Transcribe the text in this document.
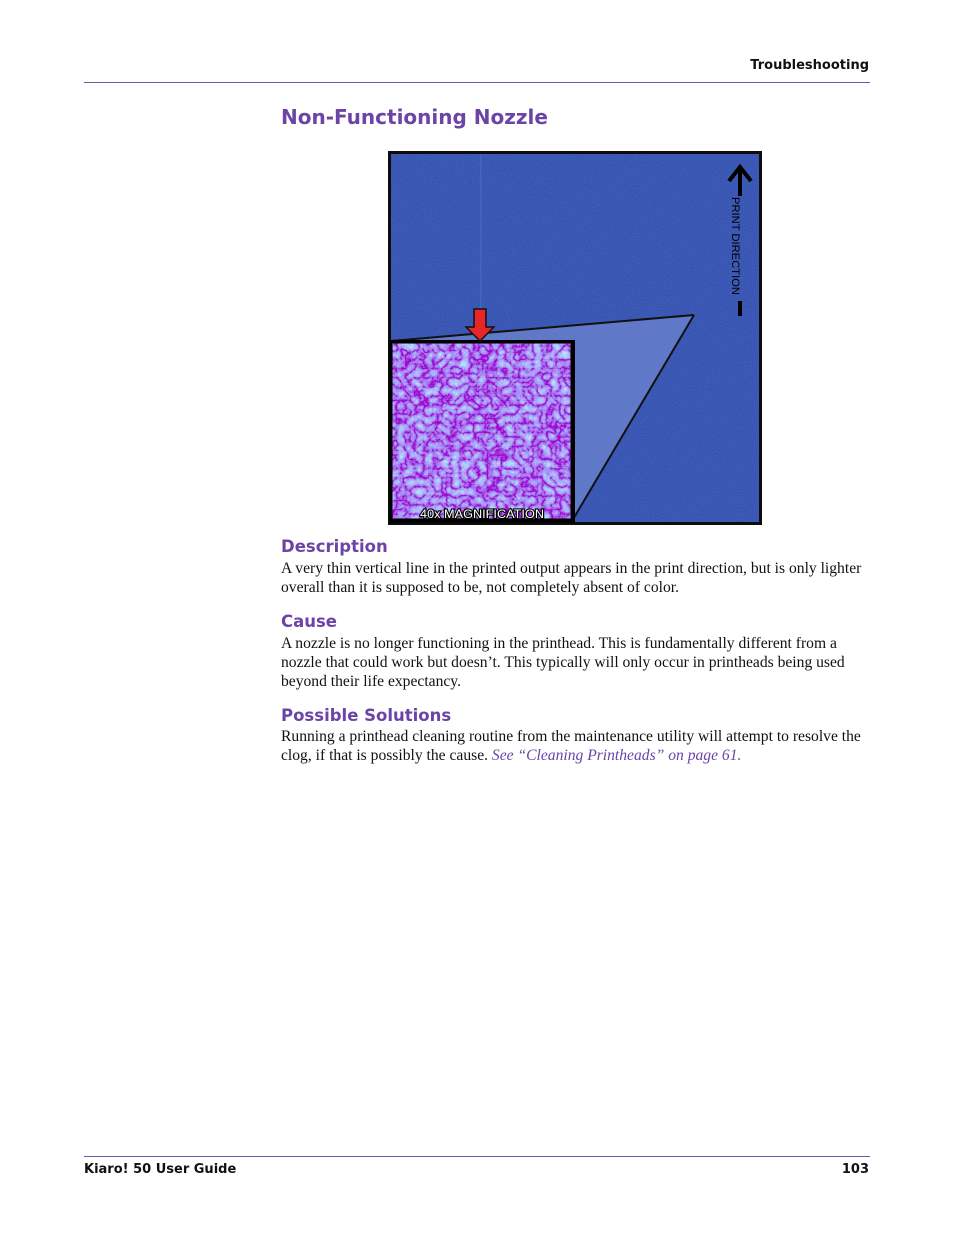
Troubleshooting
Non-Functioning Nozzle
PRINT DIRECTION
40x MAGNIFICATION
Description

A very thin vertical line in the printed output appears in the print direction, but is only lighter overall than it is supposed to be, not completely absent of color.

Cause

A nozzle is no longer functioning in the printhead. This is fundamentally different from a nozzle that could work but doesn’t. This typically will only occur in printheads being used beyond their life expectancy.

Possible Solutions

Running a printhead cleaning routine from the maintenance utility will attempt to resolve the clog, if that is possibly the cause. See “Cleaning Printheads” on page 61.

Kiaro! 50 User Guide	103
